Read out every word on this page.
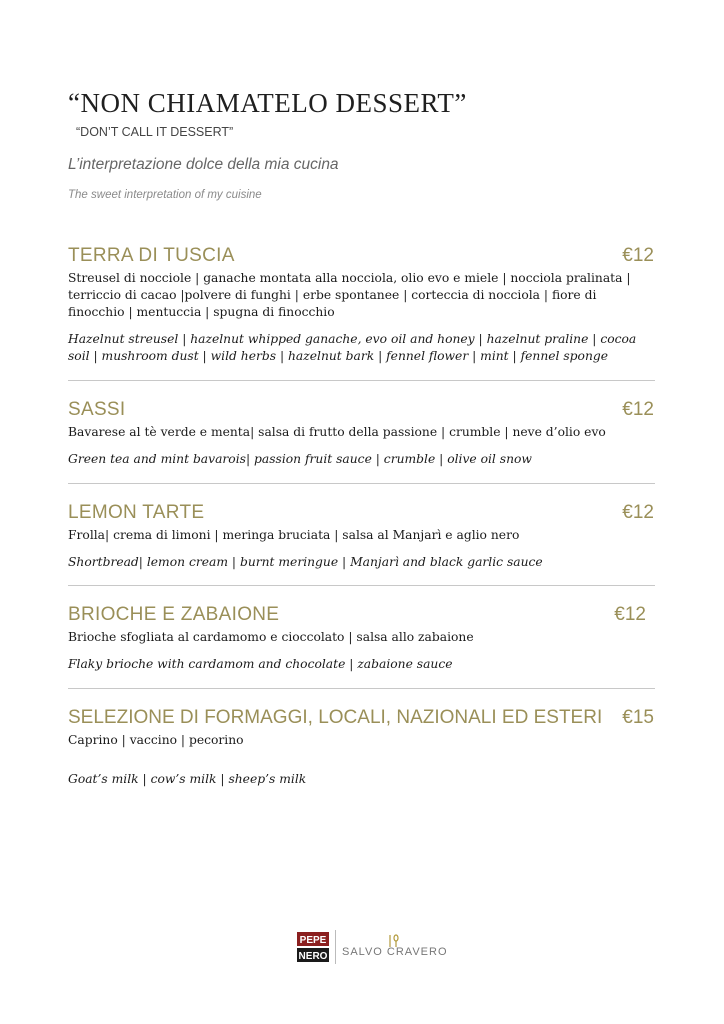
“NON CHIAMATELO DESSERT”
“DON’T CALL IT DESSERT”
L’interpretazione dolce della mia cucina
The sweet interpretation of my cuisine
TERRA DI TUSCIA	€12
Streusel di nocciole | ganache montata alla nocciola, olio evo e miele | nocciola pralinata | terriccio di cacao |polvere di funghi | erbe spontanee | corteccia di nocciola | fiore di finocchio | mentuccia | spugna di finocchio
Hazelnut streusel | hazelnut whipped ganache, evo oil and honey | hazelnut praline | cocoa soil | mushroom dust | wild herbs | hazelnut bark | fennel flower | mint | fennel sponge
SASSI	€12
Bavarese al tè verde e menta| salsa di frutto della passione | crumble | neve d’olio evo
Green tea and mint bavarois| passion fruit sauce | crumble | olive oil snow
LEMON TARTE	€12
Frolla| crema di limoni | meringa bruciata | salsa al Manjarì e aglio nero
Shortbread| lemon cream | burnt meringue | Manjarì and black garlic sauce
BRIOCHE E ZABAIONE	€12
Brioche sfogliata al cardamomo e cioccolato | salsa allo zabaione
Flaky brioche with cardamom and chocolate | zabaione sauce
SELEZIONE DI FORMAGGI, LOCALI, NAZIONALI ED ESTERI €15
Caprino | vaccino | pecorino
Goat’s milk | cow’s milk | sheep’s milk
PEPE
NERO SALVO CRAVERO
